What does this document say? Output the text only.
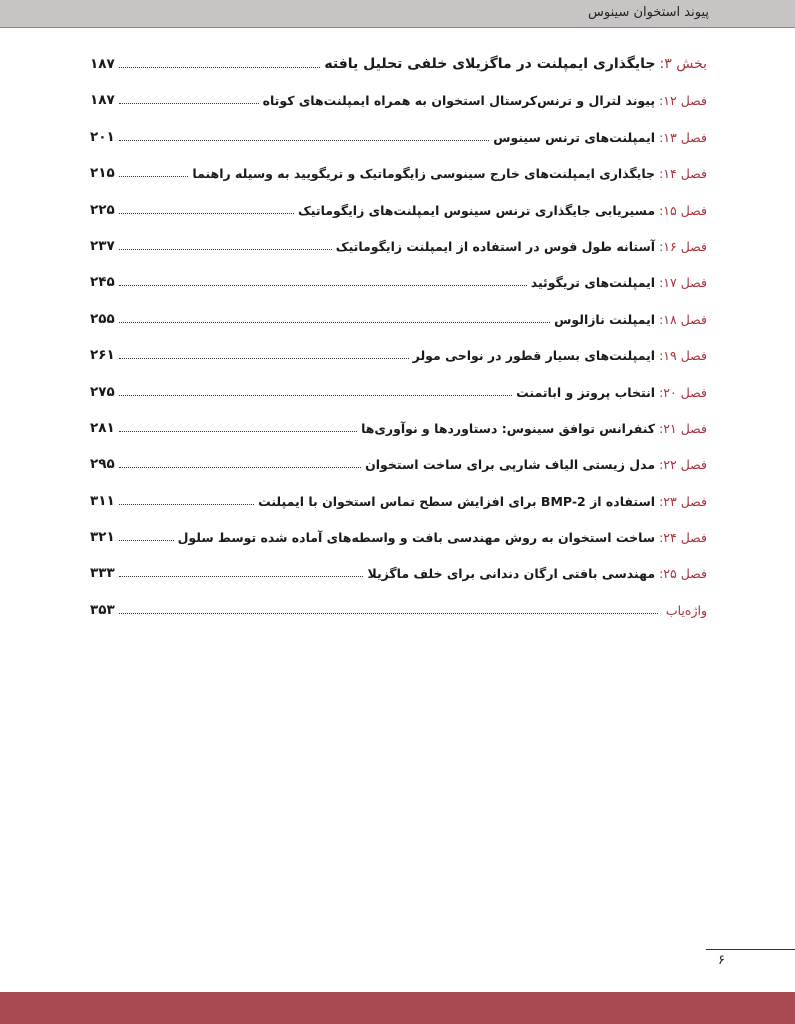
پیوند استخوان سینوس
بخش ۳:
جایگذاری ایمپلنت در ماگزیلای خلفی تحلیل یافته
۱۸۷
فصل ۱۲:
پیوند لترال و ترنس‌کرستال استخوان به همراه ایمپلنت‌های کوتاه
۱۸۷
فصل ۱۳:
ایمپلنت‌های ترنس سینوس
۲۰۱
فصل ۱۴:
جایگذاری ایمپلنت‌های خارج سینوسی زایگوماتیک و تریگویید به وسیله راهنما
۲۱۵
فصل ۱۵:
مسیریابی جایگذاری ترنس سینوس ایمپلنت‌های زایگوماتیک
۲۲۵
فصل ۱۶:
آستانه طول قوس در استفاده از ایمپلنت زایگوماتیک
۲۳۷
فصل ۱۷:
ایمپلنت‌های تریگوئید
۲۴۵
فصل ۱۸:
ایمپلنت نازالوس
۲۵۵
فصل ۱۹:
ایمپلنت‌های بسیار قطور در نواحی مولر
۲۶۱
فصل ۲۰:
انتخاب پروتز و اباتمنت
۲۷۵
فصل ۲۱:
کنفرانس توافق سینوس: دستاوردها و نوآوری‌ها
۲۸۱
فصل ۲۲:
مدل زیستی الیاف شارپی برای ساخت استخوان
۲۹۵
فصل ۲۳:
استفاده از BMP-2 برای افزایش سطح تماس استخوان با ایمپلنت
۳۱۱
فصل ۲۴:
ساخت استخوان به روش مهندسی بافت و واسطه‌های آماده شده توسط سلول
۳۲۱
فصل ۲۵:
مهندسی بافتی ارگان دندانی برای خلف ماگزیلا
۳۳۳
واژه‌یاب
۳۵۳
۶
